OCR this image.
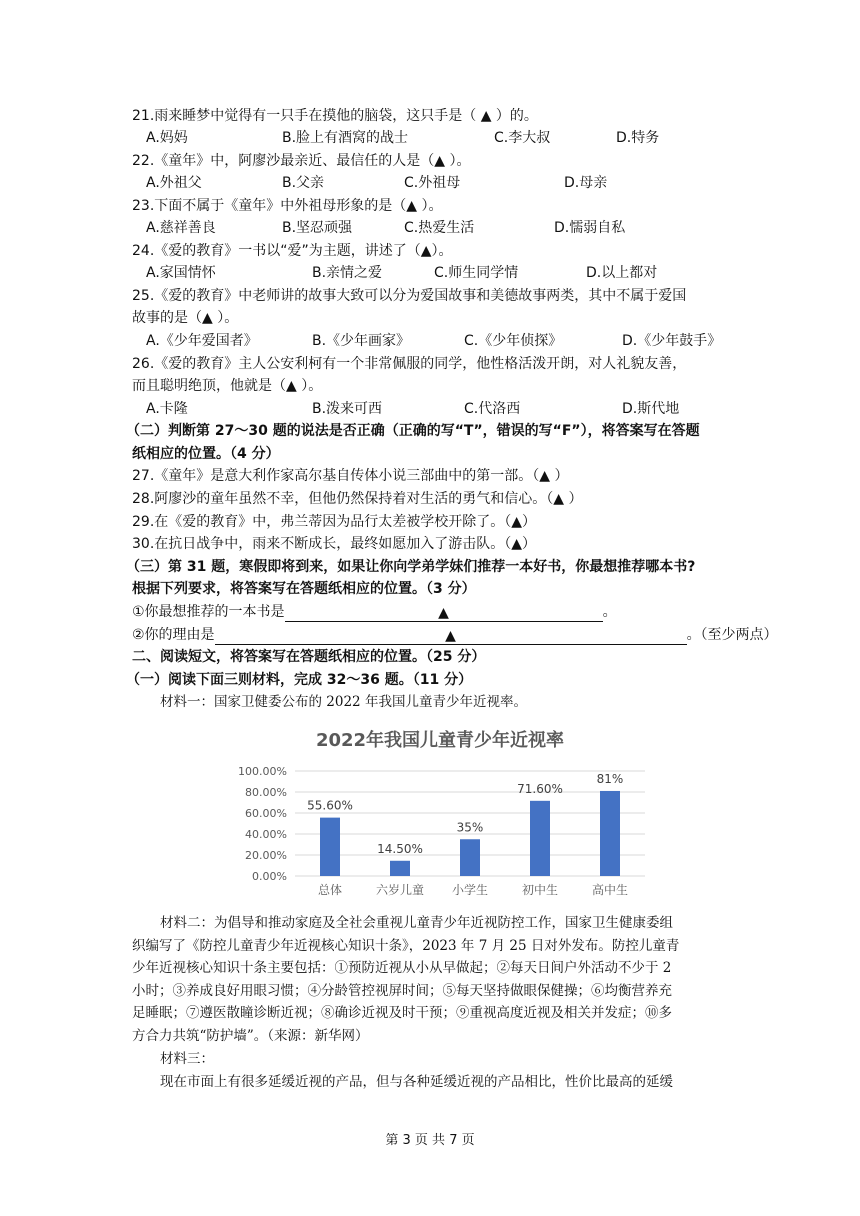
21.雨来睡梦中觉得有一只手在摸他的脑袋，这只手是（ ▲ ）的。
A.妈妈	B.脸上有酒窝的战士	C.李大叔	D.特务
22.《童年》中，阿廖沙最亲近、最信任的人是（▲ ）。
A.外祖父	B.父亲	C.外祖母	D.母亲
23.下面不属于《童年》中外祖母形象的是（▲ ）。
A.慈祥善良	B.坚忍顽强	C.热爱生活	D.懦弱自私
24.《爱的教育》一书以“爱”为主题，讲述了（▲）。
A.家国情怀	B.亲情之爱	C.师生同学情	D.以上都对
25.《爱的教育》中老师讲的故事大致可以分为爱国故事和美德故事两类，其中不属于爱国
故事的是（▲ ）。
A.《少年爱国者》	B.《少年画家》	C.《少年侦探》	D.《少年鼓手》
26.《爱的教育》主人公安利柯有一个非常佩服的同学，他性格活泼开朗，对人礼貌友善，
而且聪明绝顶，他就是（▲ ）。
A.卡隆	B.泼来可西	C.代洛西	D.斯代地
（二）判断第 27～30 题的说法是否正确（正确的写“T”，错误的写“F”），将答案写在答题
纸相应的位置。（4 分）
27.《童年》是意大利作家高尔基自传体小说三部曲中的第一部。（▲ ）
28.阿廖沙的童年虽然不幸，但他仍然保持着对生活的勇气和信心。（▲ ）
29.在《爱的教育》中，弗兰蒂因为品行太差被学校开除了。（▲）
30.在抗日战争中，雨来不断成长，最终如愿加入了游击队。（▲）
（三）第 31 题，寒假即将到来，如果让你向学弟学妹们推荐一本好书，你最想推荐哪本书?
根据下列要求，将答案写在答题纸相应的位置。（3 分）
①你最想推荐的一本书是	▲	。
②你的理由是	▲	。（至少两点）
二、阅读短文，将答案写在答题纸相应的位置。（25 分）
（一）阅读下面三则材料，完成 32～36 题。（11 分）
材料一：国家卫健委公布的 2022 年我国儿童青少年近视率。
2022年我国儿童青少年近视率
0.00%
20.00%
40.00%
60.00%
80.00%
100.00%
55.60%
14.50%
35%
71.60%
81%
总体	六岁儿童 小学生	初中生	高中生
材料二：为倡导和推动家庭及全社会重视儿童青少年近视防控工作，国家卫生健康委组
织编写了《防控儿童青少年近视核心知识十条》，2023 年 7 月 25 日对外发布。防控儿童青
少年近视核心知识十条主要包括：①预防近视从小从早做起；②每天日间户外活动不少于 2
小时；③养成良好用眼习惯；④分龄管控视屏时间；⑤每天坚持做眼保健操；⑥均衡营养充
足睡眠；⑦遵医散瞳诊断近视；⑧确诊近视及时干预；⑨重视高度近视及相关并发症；⑩多
方合力共筑“防护墙”。（来源：新华网）
材料三：
现在市面上有很多延缓近视的产品，但与各种延缓近视的产品相比，性价比最高的延缓
第 3 页 共 7 页
